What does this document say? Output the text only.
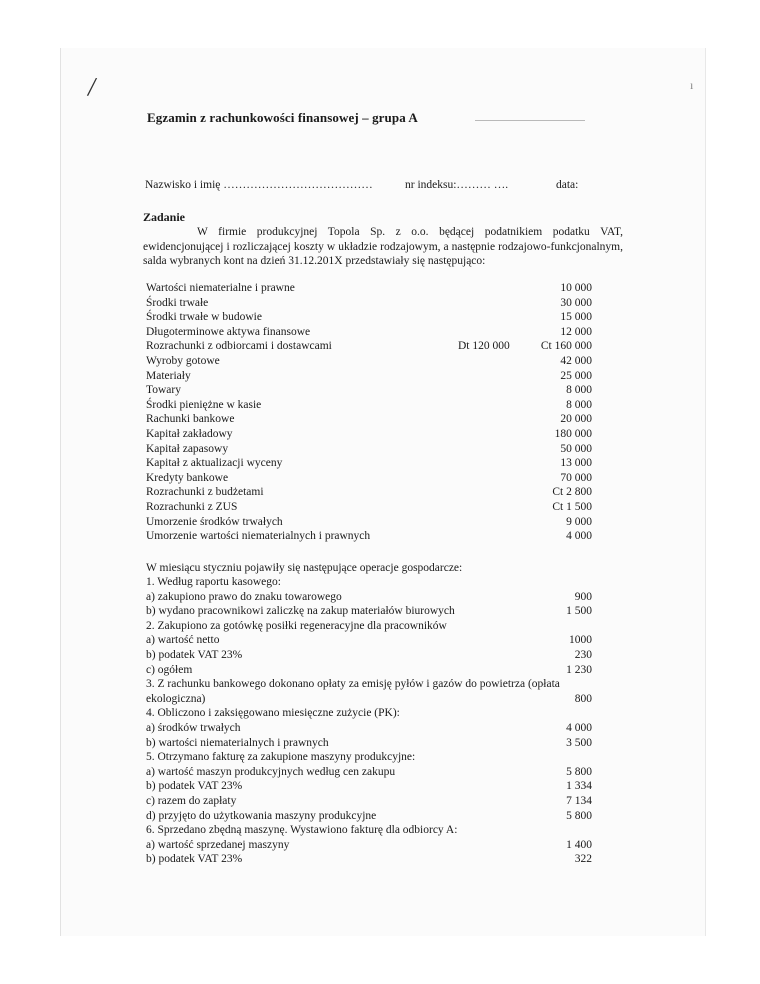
/	ı
Egzamin z rachunkowości finansowej – grupa A
Nazwisko i imię …………………………………	nr indeksu:……… ….	data:
Zadanie
W firmie produkcyjnej Topola Sp. z o.o. będącej podatnikiem podatku VAT, ewidencjonującej i rozliczającej koszty w układzie rodzajowym, a następnie rodzajowo-funkcjonalnym, salda wybranych kont na dzień 31.12.201X przedstawiały się następująco:
Wartości niematerialne i prawne	10 000
Środki trwałe	30 000
Środki trwałe w budowie	15 000
Długoterminowe aktywa finansowe	12 000
Rozrachunki z odbiorcami i dostawcami	Dt 120 000	Ct 160 000
Wyroby gotowe	42 000
Materiały	25 000
Towary	8 000
Środki pieniężne w kasie	8 000
Rachunki bankowe	20 000
Kapitał zakładowy	180 000
Kapitał zapasowy	50 000
Kapitał z aktualizacji wyceny	13 000
Kredyty bankowe	70 000
Rozrachunki z budżetami	Ct 2 800
Rozrachunki z ZUS	Ct 1 500
Umorzenie środków trwałych	9 000
Umorzenie wartości niematerialnych i prawnych	4 000
W miesiącu styczniu pojawiły się następujące operacje gospodarcze:
1. Według raportu kasowego:
a) zakupiono prawo do znaku towarowego	900
b) wydano pracownikowi zaliczkę na zakup materiałów biurowych	1 500
2. Zakupiono za gotówkę posiłki regeneracyjne dla pracowników
a) wartość netto	1000
b) podatek VAT 23%	230
c) ogółem	1 230
3. Z rachunku bankowego dokonano opłaty za emisję pyłów i gazów do powietrza (opłata
ekologiczna)	800
4. Obliczono i zaksięgowano miesięczne zużycie (PK):
a) środków trwałych	4 000
b) wartości niematerialnych i prawnych	3 500
5. Otrzymano fakturę za zakupione maszyny produkcyjne:
a) wartość maszyn produkcyjnych według cen zakupu	5 800
b) podatek VAT 23%	1 334
c) razem do zapłaty	7 134
d) przyjęto do użytkowania maszyny produkcyjne	5 800
6. Sprzedano zbędną maszynę. Wystawiono fakturę dla odbiorcy A:
a) wartość sprzedanej maszyny	1 400
b) podatek VAT 23%	322
